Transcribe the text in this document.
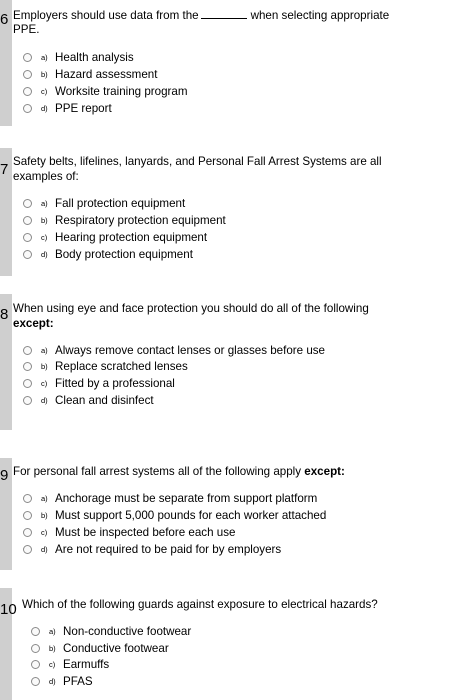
6 Employers should use data from the	when selecting appropriate
PPE.
a) Health analysis
b) Hazard assessment
c) Worksite training program
d) PPE report
7 Safety belts, lifelines, lanyards, and Personal Fall Arrest Systems are all
examples of:
a) Fall protection equipment
b) Respiratory protection equipment
c) Hearing protection equipment
d) Body protection equipment
8 When using eye and face protection you should do all of the following
except:
a) Always remove contact lenses or glasses before use
b) Replace scratched lenses
c) Fitted by a professional
d) Clean and disinfect
9 For personal fall arrest systems all of the following apply except:
a) Anchorage must be separate from support platform
b) Must support 5,000 pounds for each worker attached
c) Must be inspected before each use
d) Are not required to be paid for by employers
10 Which of the following guards against exposure to electrical hazards?
a) Non-conductive footwear
b) Conductive footwear
c) Earmuffs
d) PFAS
